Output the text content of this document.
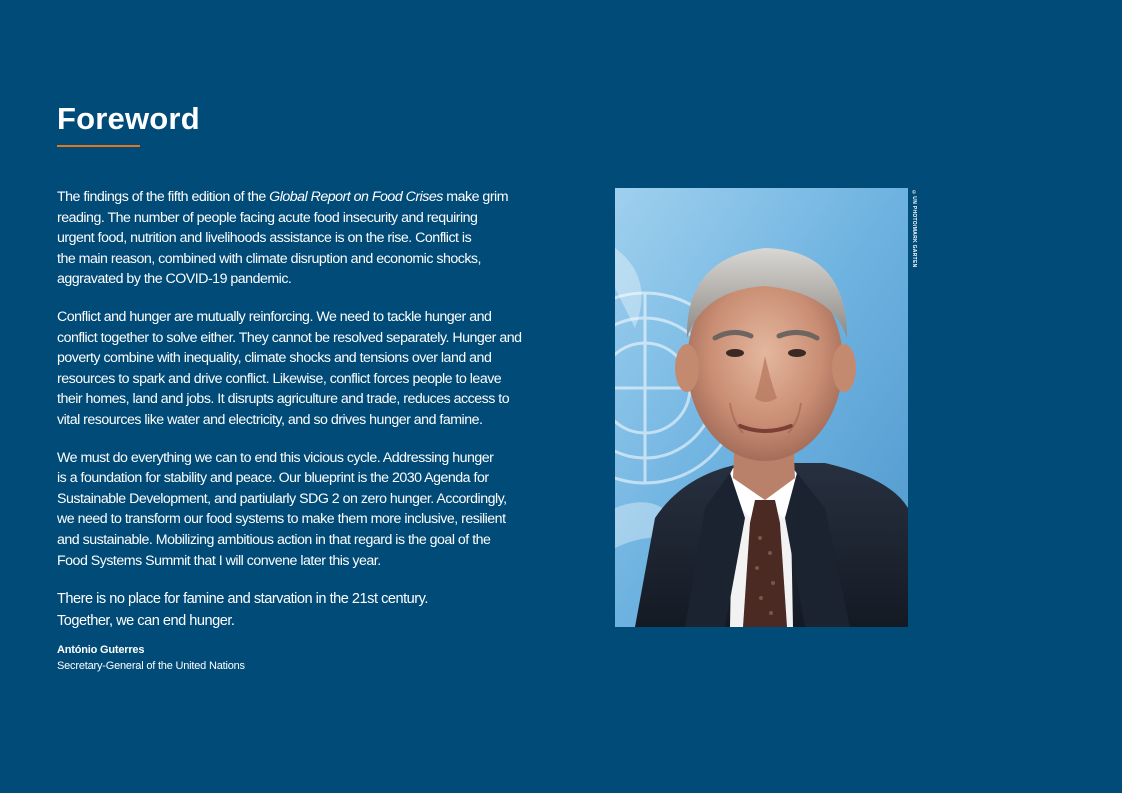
Foreword

The findings of the fifth edition of the Global Report on Food Crises make grim
reading. The number of people facing acute food insecurity and requiring
urgent food, nutrition and livelihoods assistance is on the rise. Conflict is
the main reason, combined with climate disruption and economic shocks,
aggravated by the COVID-19 pandemic.

Conflict and hunger are mutually reinforcing. We need to tackle hunger and
conflict together to solve either. They cannot be resolved separately. Hunger and
poverty combine with inequality, climate shocks and tensions over land and
resources to spark and drive conflict. Likewise, conflict forces people to leave
their homes, land and jobs. It disrupts agriculture and trade, reduces access to
vital resources like water and electricity, and so drives hunger and famine.

We must do everything we can to end this vicious cycle. Addressing hunger
is a foundation for stability and peace. Our blueprint is the 2030 Agenda for
Sustainable Development, and partiularly SDG 2 on zero hunger. Accordingly,
we need to transform our food systems to make them more inclusive, resilient
and sustainable. Mobilizing ambitious action in that regard is the goal of the
Food Systems Summit that I will convene later this year.

There is no place for famine and starvation in the 21st century.
Together, we can end hunger.

António Guterres

Secretary-General of the United Nations

©UN PHOTO/MARK GARTEN
